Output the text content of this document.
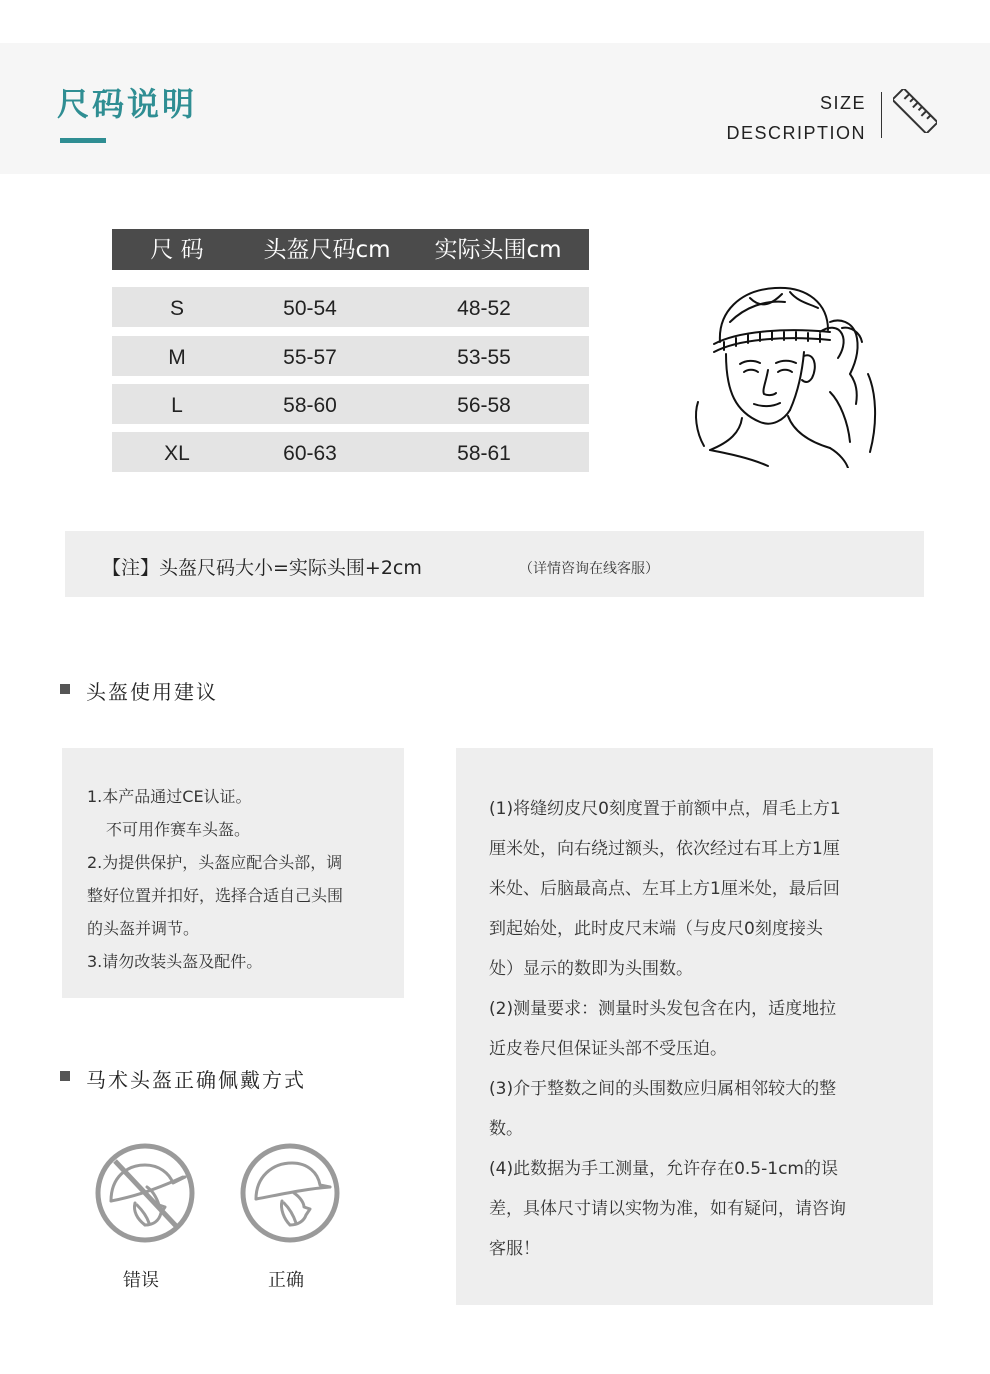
尺码说明	SIZE
DESCRIPTION
尺 码	头盔尺码cm	实际头围cm
S	50-54	48-52
M	55-57	53-55
L	58-60	56-58
XL	60-63	58-61
【注】头盔尺码大小=实际头围+2cm	（详情咨询在线客服）
头盔使用建议
1.本产品通过CE认证。
不可用作赛车头盔。
2.为提供保护，头盔应配合头部，调
整好位置并扣好，选择合适自己头围
的头盔并调节。
3.请勿改装头盔及配件。
马术头盔正确佩戴方式
错误	正确
(1)将缝纫皮尺0刻度置于前额中点，眉毛上方1
厘米处，向右绕过额头，依次经过右耳上方1厘
米处、后脑最高点、左耳上方1厘米处，最后回
到起始处，此时皮尺末端（与皮尺0刻度接头
处）显示的数即为头围数。
(2)测量要求：测量时头发包含在内，适度地拉
近皮卷尺但保证头部不受压迫。
(3)介于整数之间的头围数应归属相邻较大的整
数。
(4)此数据为手工测量，允许存在0.5-1cm的误
差，具体尺寸请以实物为准，如有疑问，请咨询
客服！
